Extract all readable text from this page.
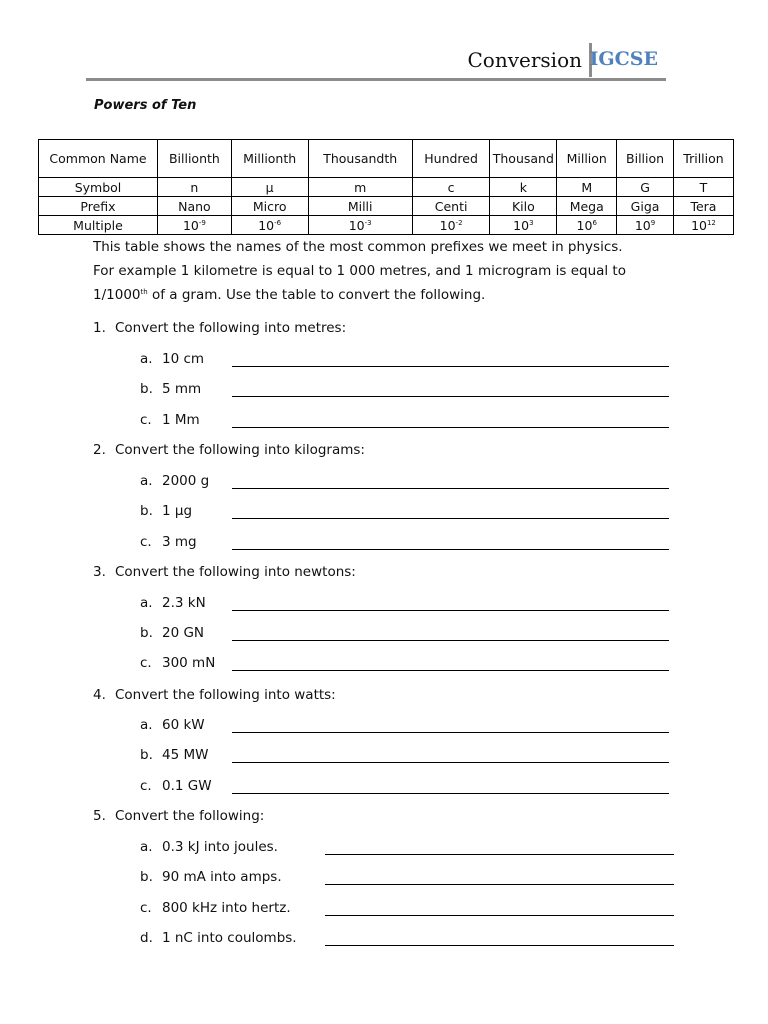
Conversion IGCSE
Powers of Ten
Common Name	Billionth	Millionth	Thousandth	Hundred	Thousand	Million	Billion	Trillion
Symbol	n	μ	m	c	k	M	G	T
Prefix	Nano	Micro	Milli	Centi	Kilo	Mega	Giga	Tera
Multiple	$10^{-9}$	$10^{-6}$	$10^{-3}$	$10^{-2}$	$10^3$	$10^6$	$10^9$	$10^{12}$

This table shows the names of the most common prefixes we meet in physics.

For example 1 kilometre is equal to 1 000 metres, and 1 microgram is equal to

1/1000th of a gram. Use the table to convert the following.

1. Convert the following into metres:
a. 10 cm
b. 5 mm
c. 1 Mm
2. Convert the following into kilograms:
a. 2000 g
b. 1 μg
c. 3 mg
3. Convert the following into newtons:
a. 2.3 kN
b. 20 GN
c. 300 mN
4. Convert the following into watts:
a. 60 kW
b. 45 MW
c. 0.1 GW
5. Convert the following:
a. 0.3 kJ into joules.
b. 90 mA into amps.
c. 800 kHz into hertz.
d. 1 nC into coulombs.
